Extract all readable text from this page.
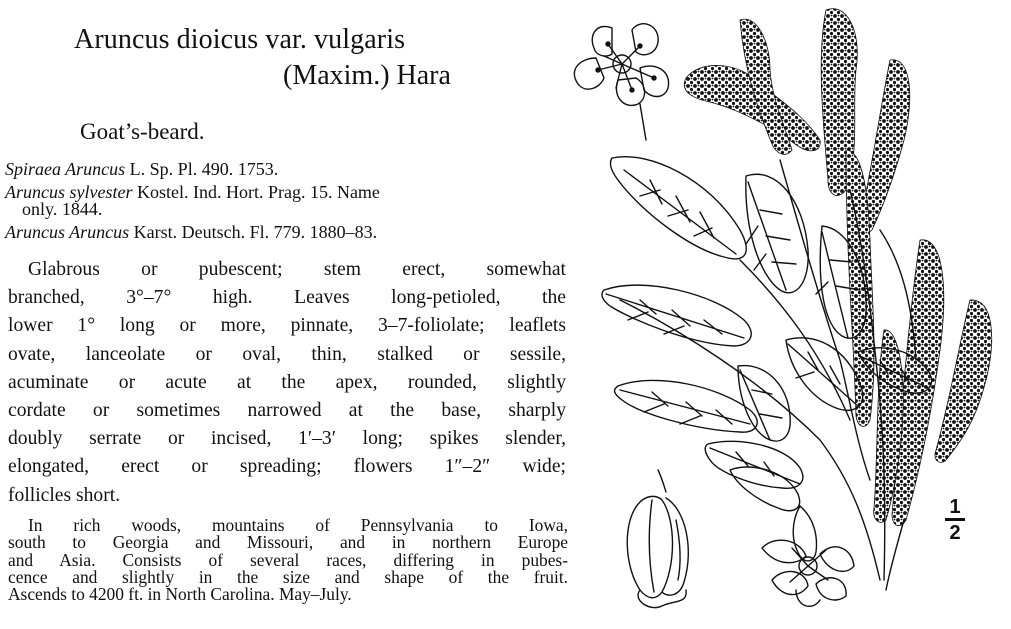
Aruncus dioicus var. vulgaris
(Maxim.) Hara
Goat’s-beard.
Spiraea Aruncus L. Sp. Pl. 490. 1753.
Aruncus sylvester Kostel. Ind. Hort. Prag. 15. Name
only. 1844.
Aruncus Aruncus Karst. Deutsch. Fl. 779. 1880–83.
Glabrous or pubescent; stem erect, somewhat
branched, 3°–7° high. Leaves long-petioled, the
lower 1° long or more, pinnate, 3–7-foliolate; leaflets
ovate, lanceolate or oval, thin, stalked or sessile,
acuminate or acute at the apex, rounded, slightly
cordate or sometimes narrowed at the base, sharply
doubly serrate or incised, 1′–3′ long; spikes slender,
elongated, erect or spreading; flowers 1″–2″ wide;
follicles short.
In rich woods, mountains of Pennsylvania to Iowa,
south to Georgia and Missouri, and in northern Europe
and Asia. Consists of several races, differing in pubes-
cence and slightly in the size and shape of the fruit.
Ascends to 4200 ft. in North Carolina. May–July.
1
2
